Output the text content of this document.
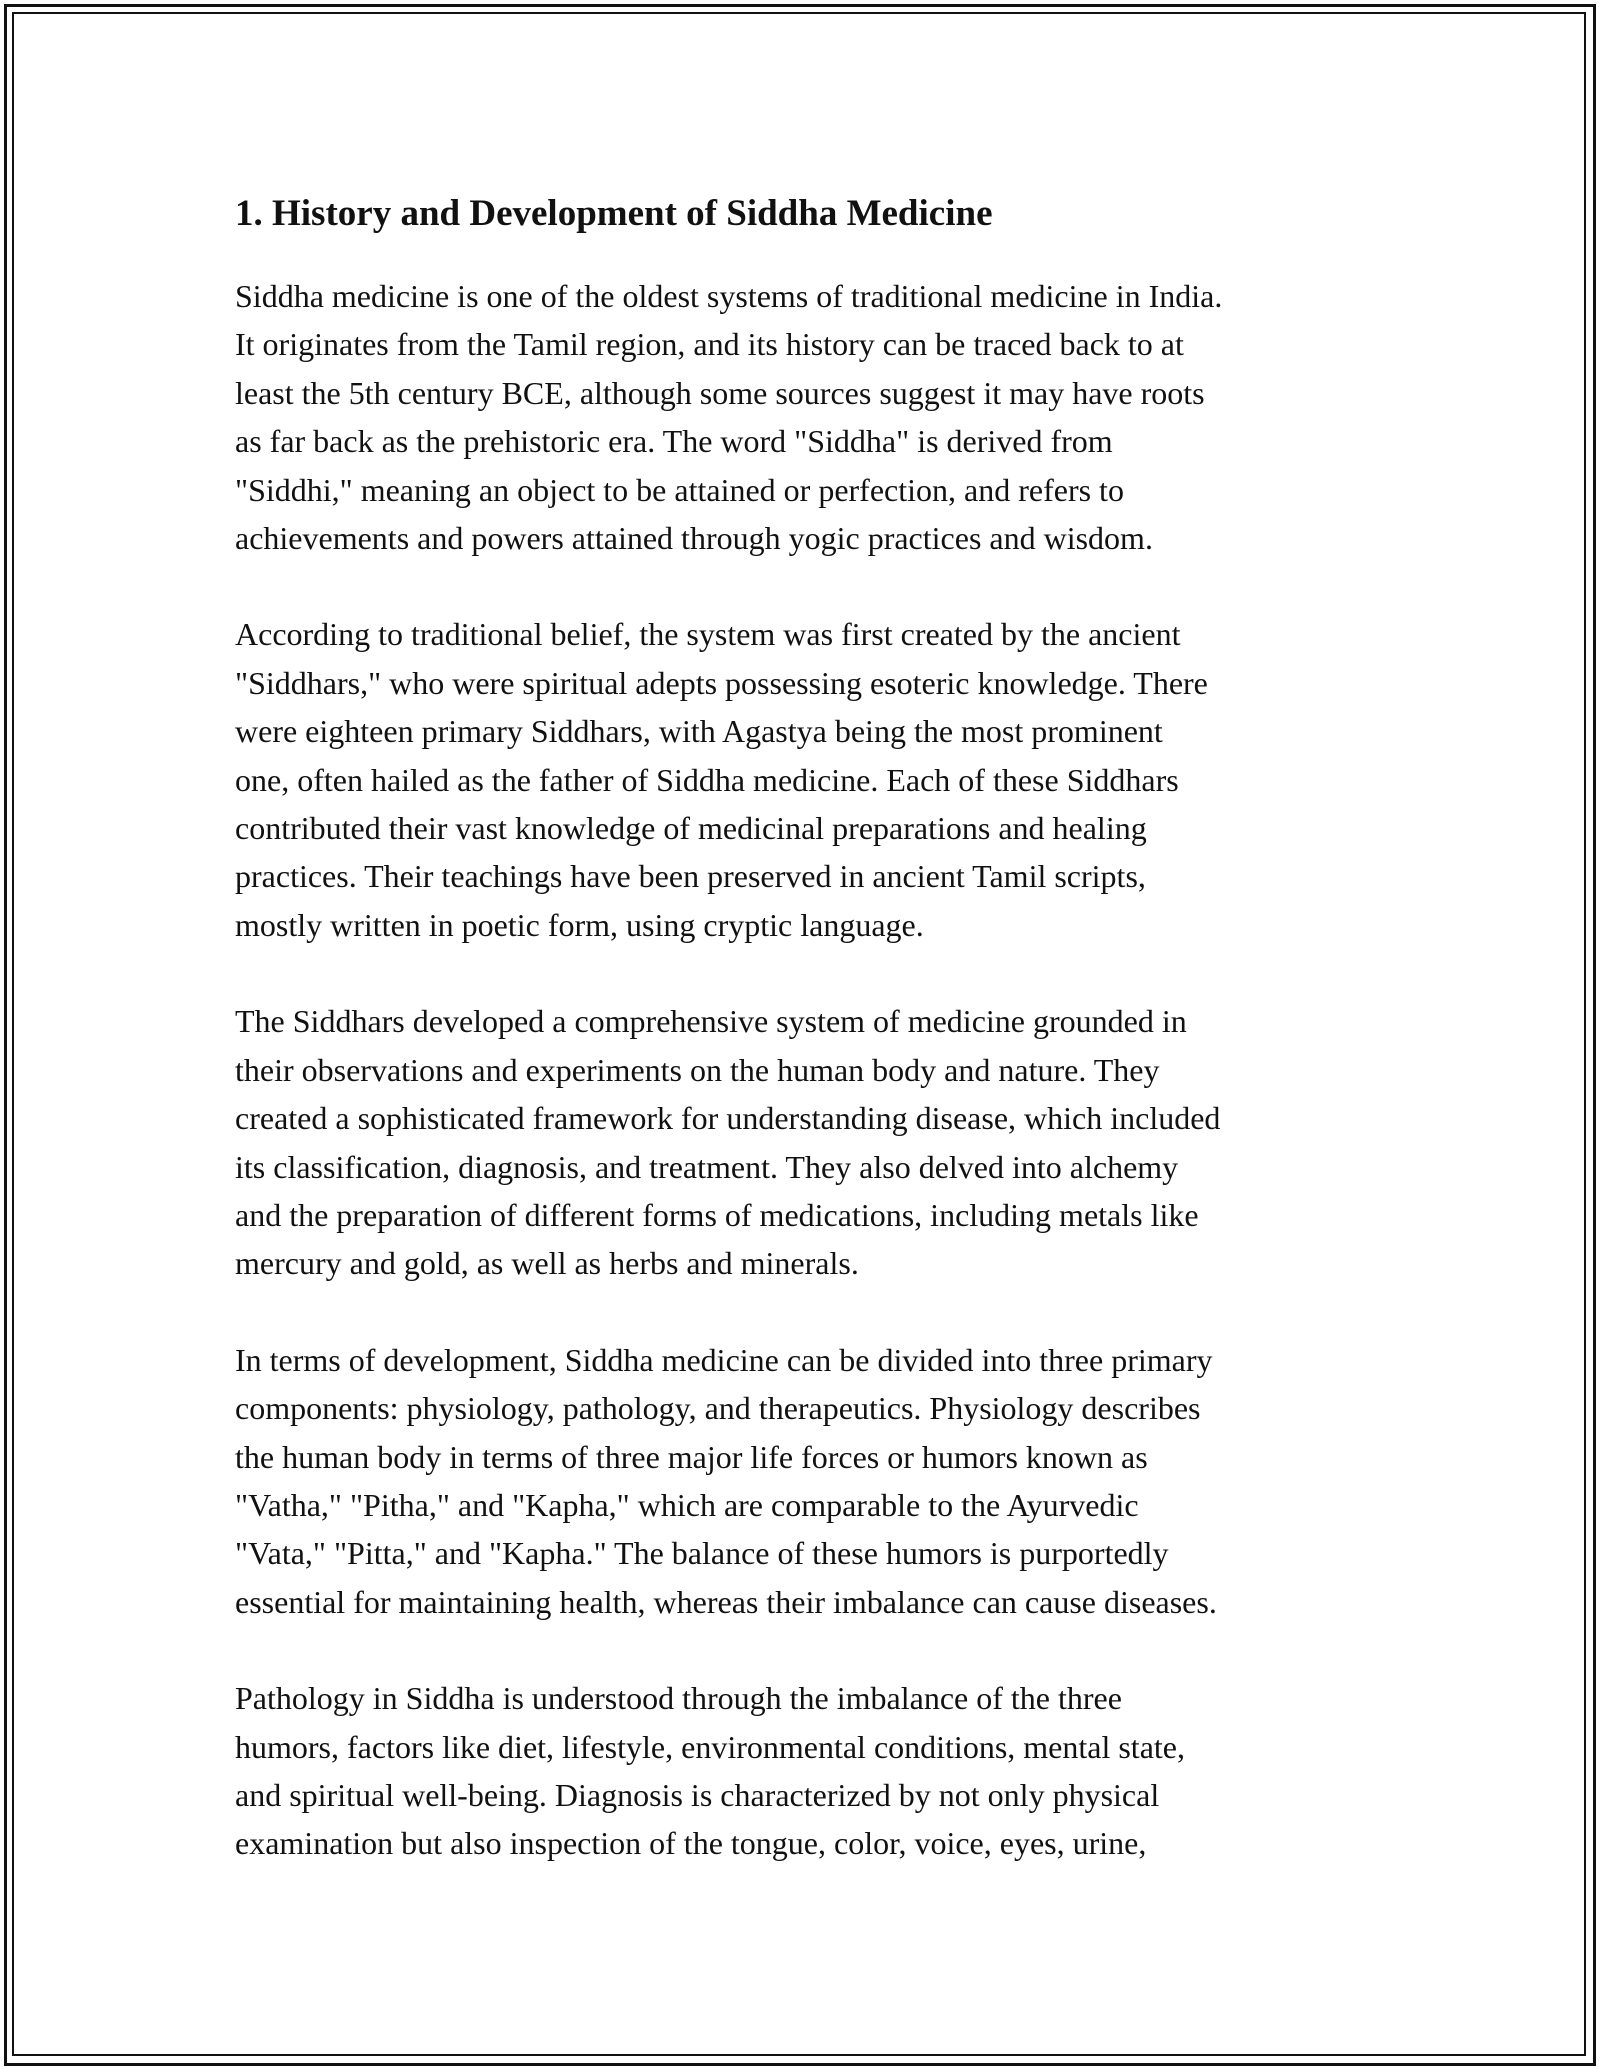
1. History and Development of Siddha Medicine

Siddha medicine is one of the oldest systems of traditional medicine in India.
It originates from the Tamil region, and its history can be traced back to at
least the 5th century BCE, although some sources suggest it may have roots
as far back as the prehistoric era. The word "Siddha" is derived from
"Siddhi," meaning an object to be attained or perfection, and refers to
achievements and powers attained through yogic practices and wisdom.

According to traditional belief, the system was first created by the ancient
"Siddhars," who were spiritual adepts possessing esoteric knowledge. There
were eighteen primary Siddhars, with Agastya being the most prominent
one, often hailed as the father of Siddha medicine. Each of these Siddhars
contributed their vast knowledge of medicinal preparations and healing
practices. Their teachings have been preserved in ancient Tamil scripts,
mostly written in poetic form, using cryptic language.

The Siddhars developed a comprehensive system of medicine grounded in
their observations and experiments on the human body and nature. They
created a sophisticated framework for understanding disease, which included
its classification, diagnosis, and treatment. They also delved into alchemy
and the preparation of different forms of medications, including metals like
mercury and gold, as well as herbs and minerals.

In terms of development, Siddha medicine can be divided into three primary
components: physiology, pathology, and therapeutics. Physiology describes
the human body in terms of three major life forces or humors known as
"Vatha," "Pitha," and "Kapha," which are comparable to the Ayurvedic
"Vata," "Pitta," and "Kapha." The balance of these humors is purportedly
essential for maintaining health, whereas their imbalance can cause diseases.

Pathology in Siddha is understood through the imbalance of the three
humors, factors like diet, lifestyle, environmental conditions, mental state,
and spiritual well-being. Diagnosis is characterized by not only physical
examination but also inspection of the tongue, color, voice, eyes, urine,
